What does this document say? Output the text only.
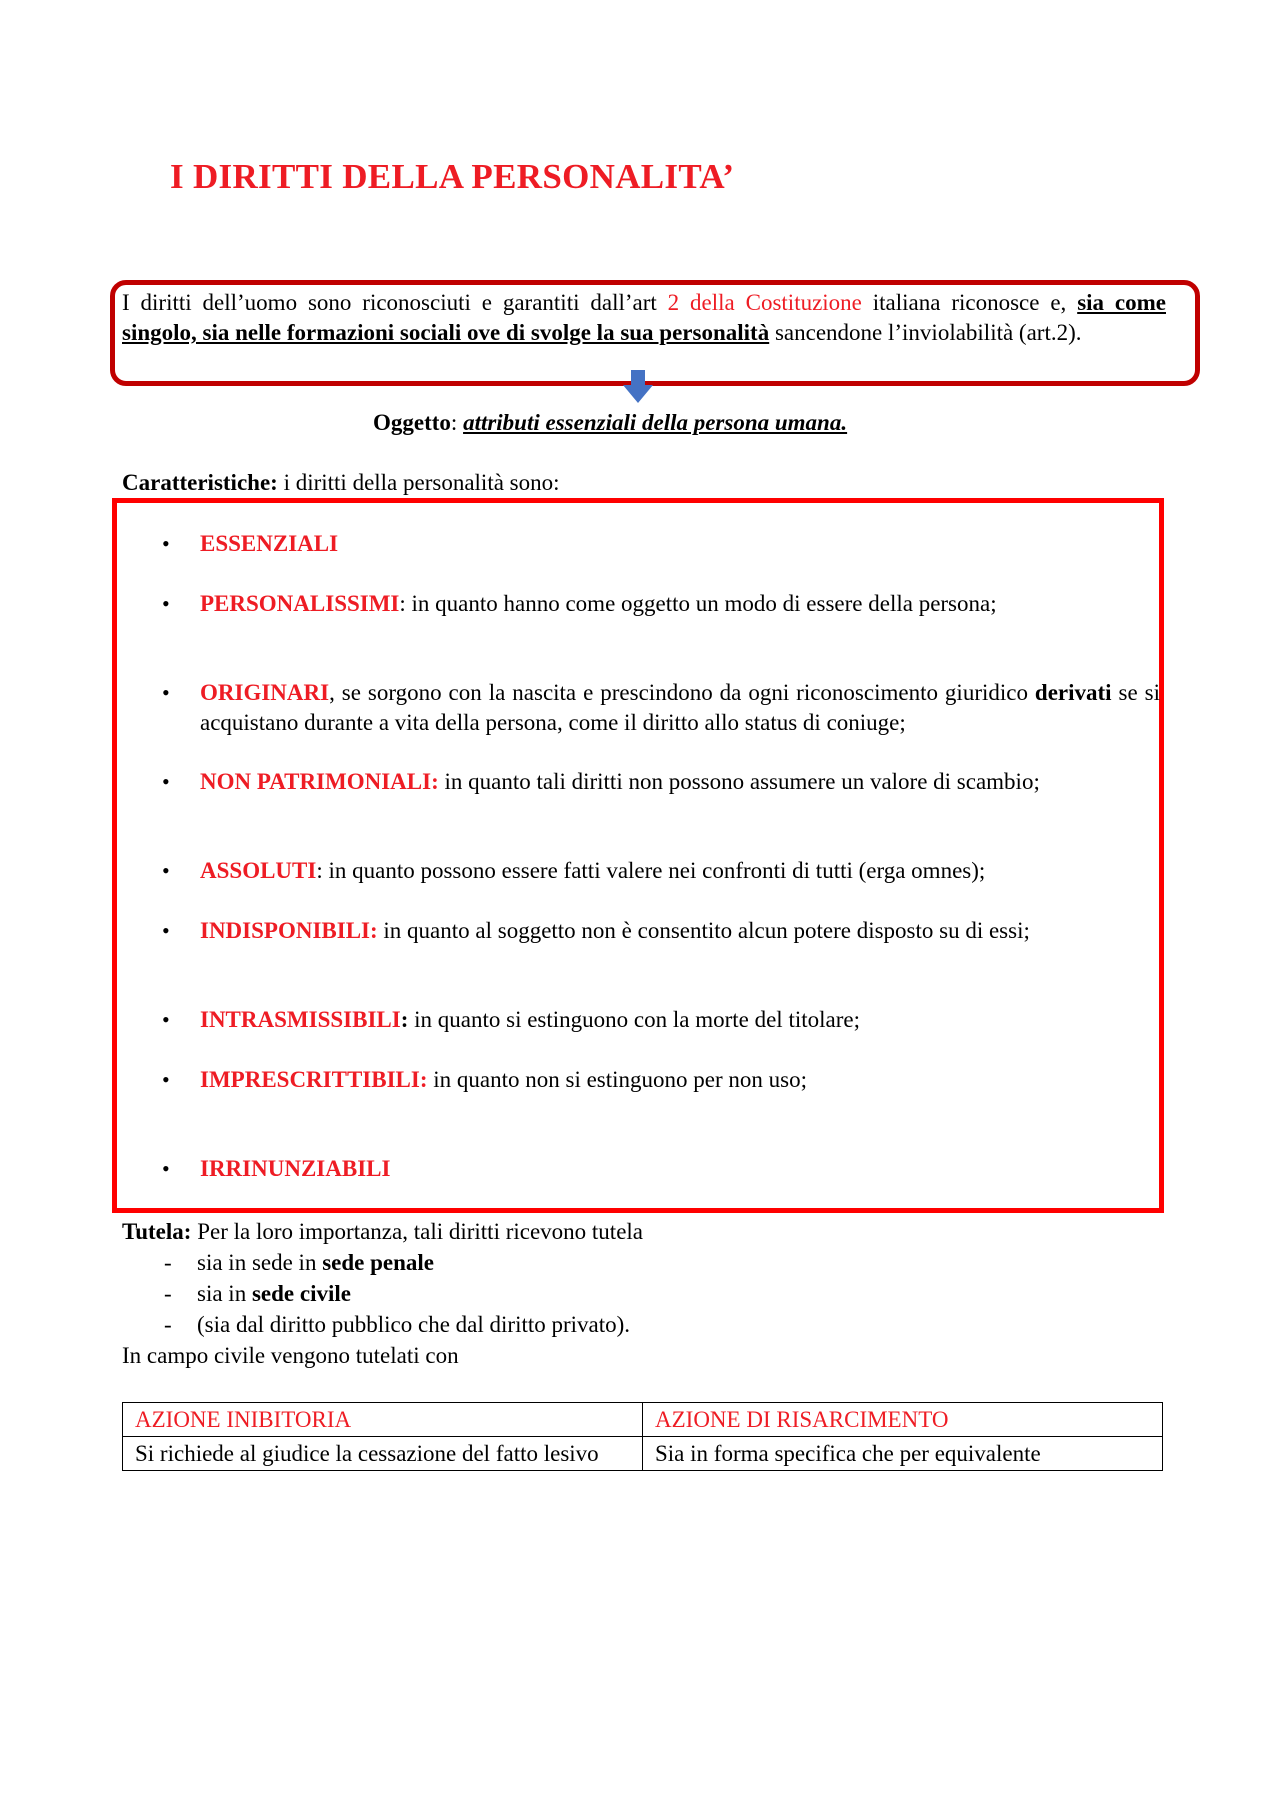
I DIRITTI DELLA PERSONALITA’
I diritti dell’uomo sono riconosciuti e garantiti dall’art 2 della Costituzione italiana riconosce e, sia come singolo, sia nelle formazioni sociali ove di svolge la sua personalità sancendone l’inviolabilità (art.2).
Oggetto: attributi essenziali della persona umana.
Caratteristiche: i diritti della personalità sono:
• ESSENZIALI
• PERSONALISSIMI: in quanto hanno come oggetto un modo di essere della persona;
• ORIGINARI, se sorgono con la nascita e prescindono da ogni riconoscimento giuridico derivati se si acquistano durante a vita della persona, come il diritto allo status di coniuge;
• NON PATRIMONIALI: in quanto tali diritti non possono assumere un valore di scambio;
• ASSOLUTI: in quanto possono essere fatti valere nei confronti di tutti (erga omnes);
• INDISPONIBILI: in quanto al soggetto non è consentito alcun potere disposto su di essi;
• INTRASMISSIBILI: in quanto si estinguono con la morte del titolare;
• IMPRESCRITTIBILI: in quanto non si estinguono per non uso;
• IRRINUNZIABILI
Tutela: Per la loro importanza, tali diritti ricevono tutela
- sia in sede in sede penale
- sia in sede civile
- (sia dal diritto pubblico che dal diritto privato).
In campo civile vengono tutelati con
AZIONE INIBITORIA	AZIONE DI RISARCIMENTO
Si richiede al giudice la cessazione del fatto lesivo	Sia in forma specifica che per equivalente
